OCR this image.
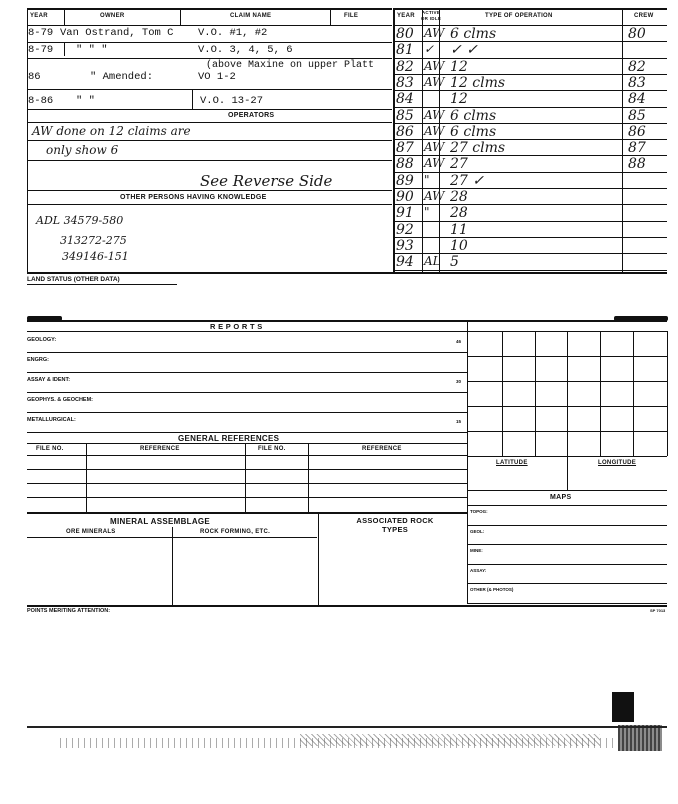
YEAR	OWNER	CLAIM NAME	FILE
8-79 Van Ostrand, Tom C V.O. #1, #2
8-79 " " "	V.O. 3, 4, 5, 6
(above Maxine on upper Platt
86	" Amended:	VO 1-2
8-86 " "	V.O. 13-27
OPERATORS
AW done on 12 claims are
only show 6
See Reverse Side
OTHER PERSONS HAVING KNOWLEDGE
ADL 34579-580
313272-275
349146-151
YEAR
ACTIVE OR IDLE	TYPE OF OPERATION	CREW
80 AW 6 clms	80
81 ✓ ✓ ✓
82 AW 12	82
83 AW 12 clms	83
84	12	84
85 AW 6 clms	85
86 AW 6 clms	86
87 AW 27 clms	87
88 AW 27	88
89 " 27 ✓
90 AW 28
91 " 28
92	11
93	10
94 AL 5
LAND STATUS (OTHER DATA)
R E P O R T S
GEOLOGY:	46
ENGRG:
ASSAY & IDENT:	30
GEOPHYS. & GEOCHEM:
METALLURGICAL:	15
GENERAL REFERENCES
FILE NO.	REFERENCE	FILE NO.	REFERENCE
MINERAL ASSEMBLAGE
ORE MINERALS	ROCK FORMING, ETC.
ASSOCIATED ROCK TYPES
LATITUDE	LONGITUDE
MAPS
TOPOG:
GEOL:
MINE:
ASSAY:
OTHER (& PHOTOS)
POINTS MERITING ATTENTION:	SP 7013
